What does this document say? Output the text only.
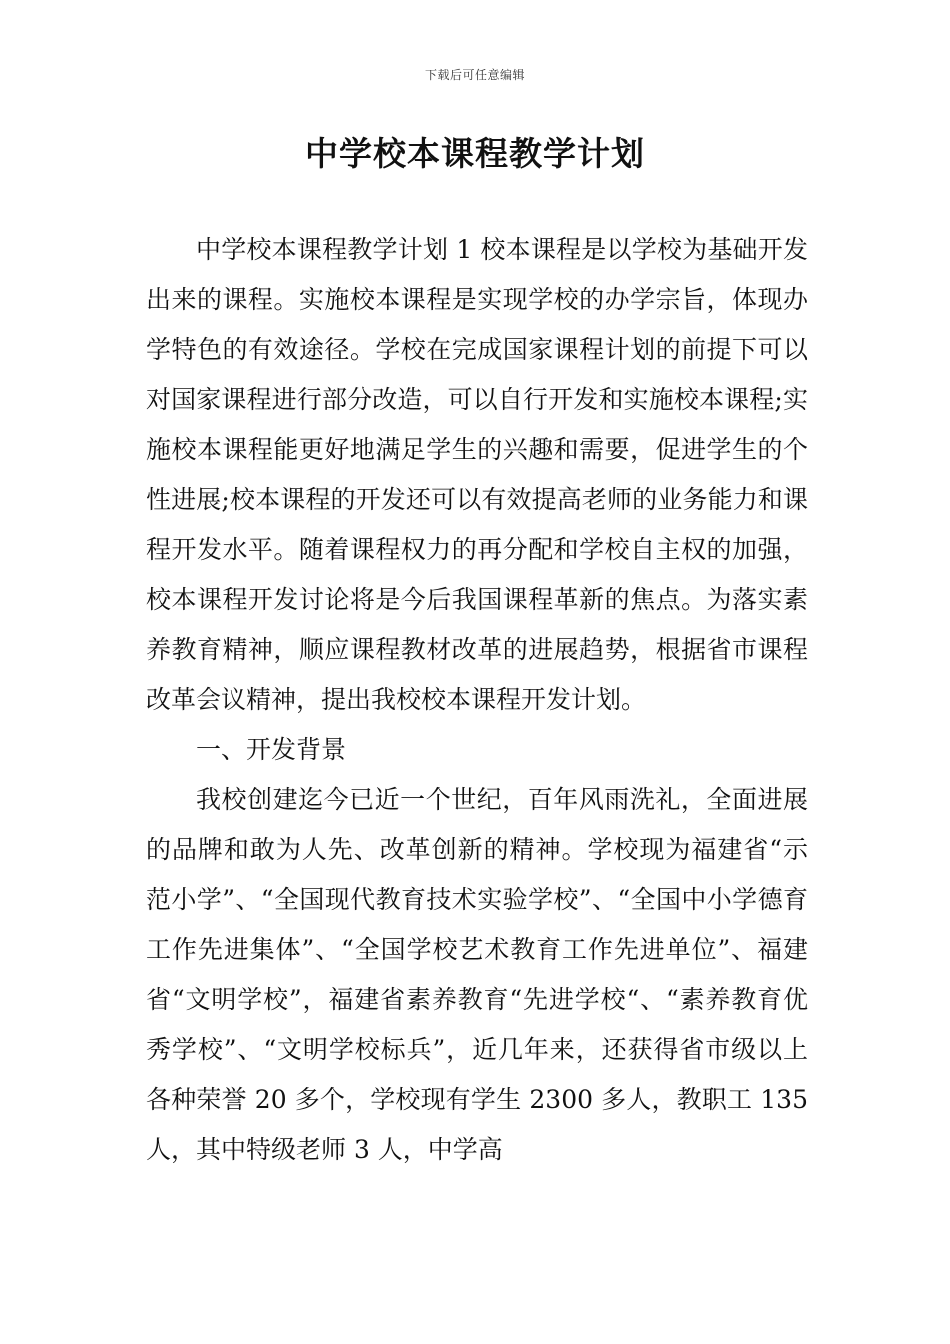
下载后可任意编辑
中学校本课程教学计划

中学校本课程教学计划 1 校本课程是以学校为基础开发出来的课程。实施校本课程是实现学校的办学宗旨，体现办学特色的有效途径。学校在完成国家课程计划的前提下可以对国家课程进行部分改造，可以自行开发和实施校本课程;实施校本课程能更好地满足学生的兴趣和需要，促进学生的个性进展;校本课程的开发还可以有效提高老师的业务能力和课程开发水平。随着课程权力的再分配和学校自主权的加强，校本课程开发讨论将是今后我国课程革新的焦点。为落实素养教育精神，顺应课程教材改革的进展趋势，根据省市课程改革会议精神，提出我校校本课程开发计划。

一、开发背景

我校创建迄今已近一个世纪，百年风雨洗礼，全面进展的品牌和敢为人先、改革创新的精神。学校现为福建省“示范小学”、“全国现代教育技术实验学校”、“全国中小学德育工作先进集体”、“全国学校艺术教育工作先进单位”、福建省“文明学校”，福建省素养教育“先进学校“、“素养教育优秀学校”、“文明学校标兵”，近几年来，还获得省市级以上各种荣誉 20 多个，学校现有学生 2300 多人，教职工 135 人，其中特级老师 3 人，中学高
